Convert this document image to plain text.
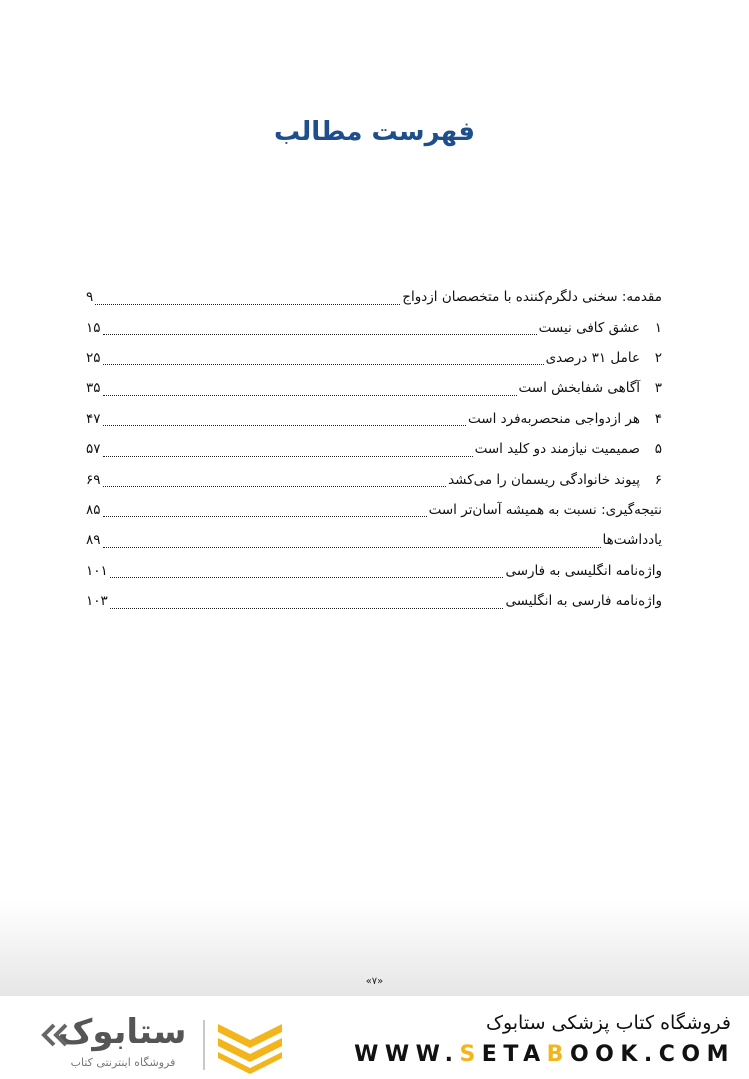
فهرست مطالب
مقدمه: سخنی دلگرم‌کننده با متخصصان ازدواج
۹
۱
عشق کافی نیست
۱۵
۲
عامل ۳۱ درصدی
۲۵
۳
آگاهی شفابخش است
۳۵
۴
هر ازدواجی منحصربه‌فرد است
۴۷
۵
صمیمیت نیازمند دو کلید است
۵۷
۶
پیوند خانوادگی ریسمان را می‌کشد
۶۹
نتیجه‌گیری: نسبت به همیشه آسان‌تر است
۸۵
یادداشت‌ها
۸۹
واژه‌نامه انگلیسی به فارسی
۱۰۱
واژه‌نامه فارسی به انگلیسی
۱۰۳
«۷»
فروشگاه کتاب پزشکی ستابوک
WWW.SETABOOK.COM
ستابوک
فروشگاه اینترنتی کتاب
